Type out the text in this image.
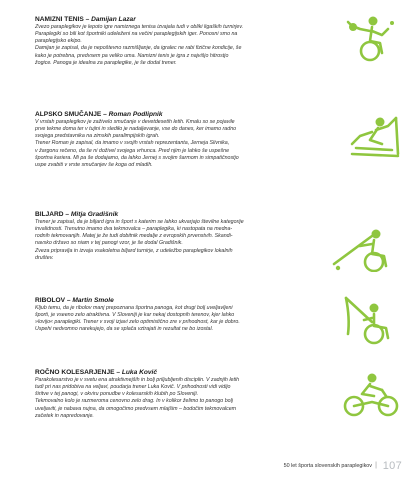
NAMIZNI TENIS – Damijan Lazar

Zvezo paraplegikov je lepoto igre namiznega tenisa izvajala tudi v obliki ligaških turnirjev.
Paraplegiki so bili kot športniki udeleženi na večini paraplegijskih iger. Ponosni smo na
paraplegijsko ekipo.
Damijan je zapisal, da je nepoštevno razmišljanje, da igralec ne rabi fizične kondicije, še
kako je potrebna, predvsem pa veliko uma. Namizni tenis je igra z najvišjo hitrostjo
žogice. Panoga je idealna za paraplegike, je še dodal trener.

ALPSKO SMUČANJE – Roman Podlipnik

V vrstah paraplegikov je zaživelo smučanje v devetdesetih letih. Kmalu so se pojavile
prve tekme doma ter v tujini in slediło je nadaljevanje, vse do danes, ker imamo radno
svojega predstavnika na zimskih paralimpijskih igrah.
Trener Roman je zapisal, da imamo v svojih vrstah reprezentanta, Jerneja Slivnika,
v žargonu rečeno, da še ni doživel svojega vrhunca. Pred njim je lahko še uspešne
športna kariera. Mi pa še dodajamo, da lahko Jernej s svojim šarmom in simpatičnostjo
uspe zvabiti v vrste smučanjev še koga od mladih.

BILJARD – Mitja Gradišnik

Trener je zapisal, da je biljard igra in šport s katerim se lahko ukvarjajo številne kategorije
invalidnosti. Trenutno imamo dva tekmovalca – paraplegika, ki nastopata na medna-
rodnih tekmovanjih. Matej je že tudi dobitnik medalje z evropskih prvenstvih. Skandi-
navsko državo so niam v tej panogi vzor, je še dodal Gradišnik.
Zveza pripravlja in izvaja vsakoletna biljard turnirje, z udeležbo paraplegikov lokalnih
društev.

RIBOLOV – Martin Smole

Kljub temu, da je ribolov manj prepoznana športna panoga, kot drugi bolj uveljavljeni
športi, je vseeno zelo atraktivna. V Sloveniji je kar nekaj dostopnih terenov, kjer lahko
»lovijo« paraplegiki. Trener v svoji izjavi zelo optimistično zre v prihodnost, kar je dobro.
Uspehi nedvomno narekujejo, da se splača vztrajati in rezultat ne bo izostal.

ROČNO KOLESARJENJE – Luka Kovič

Parakolesarstvo je v svetu ena atraktivnejših in bolj priljubljenih disciplin. V zadnjih letih
tudi pri nas pridobiva na veljavi, poudarja trener Luka Kovič. V prihodnosti vidi vidijo
širitve v tej panogi, v okviru ponudbe v kolesarskih klubih po Sloveniji.
Tekmovalno kolo je razmeroma cenovno zelo drag. In v kolikor želimo to panogo bolj
uveljaviti, je nabava nujna, da omogočimo predvsem mlajšim – bodočim tekmovalcem
začetek in napredovanje.

50 let športa slovenskih paraplegikov | 107
